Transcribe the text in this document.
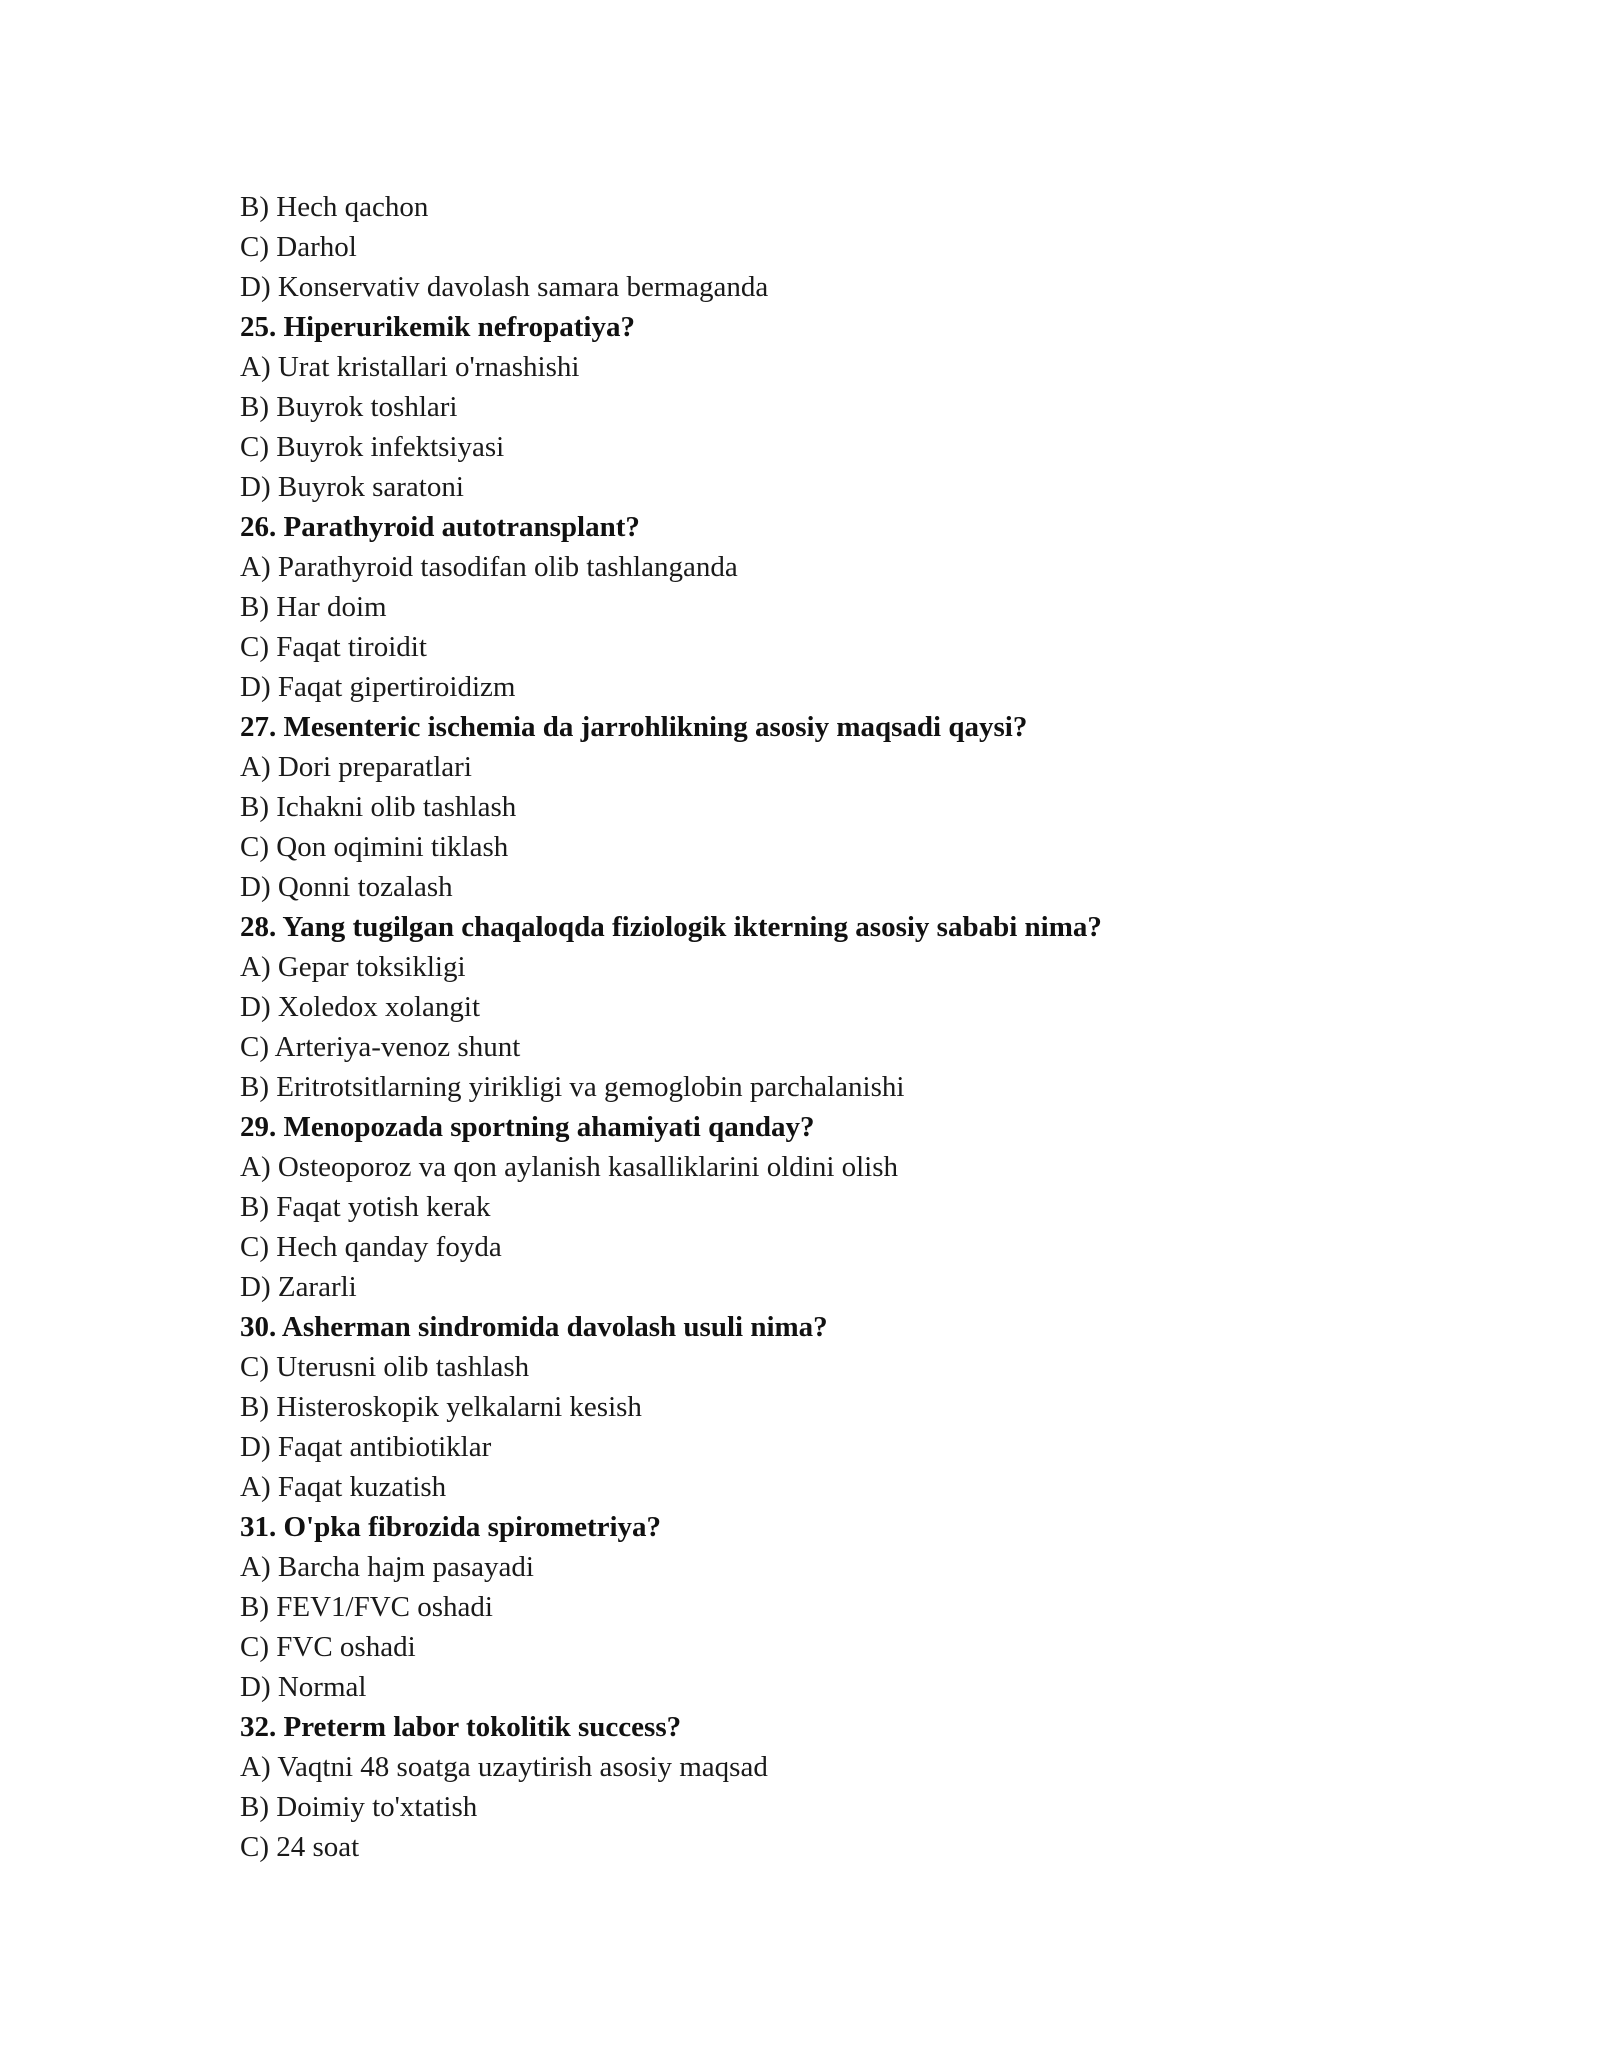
B) Hech qachon
C) Darhol
D) Konservativ davolash samara bermaganda
25. Hiperurikemik nefropatiya?
A) Urat kristallari o'rnashishi
B) Buyrok toshlari
C) Buyrok infektsiyasi
D) Buyrok saratoni
26. Parathyroid autotransplant?
A) Parathyroid tasodifan olib tashlanganda
B) Har doim
C) Faqat tiroidit
D) Faqat gipertiroidizm
27. Mesenteric ischemia da jarrohlikning asosiy maqsadi qaysi?
A) Dori preparatlari
B) Ichakni olib tashlash
C) Qon oqimini tiklash
D) Qonni tozalash
28. Yang tugilgan chaqaloqda fiziologik ikterning asosiy sababi nima?
A) Gepar toksikligi
D) Xoledox xolangit
C) Arteriya-venoz shunt
B) Eritrotsitlarning yirikligi va gemoglobin parchalanishi
29. Menopozada sportning ahamiyati qanday?
A) Osteoporoz va qon aylanish kasalliklarini oldini olish
B) Faqat yotish kerak
C) Hech qanday foyda
D) Zararli
30. Asherman sindromida davolash usuli nima?
C) Uterusni olib tashlash
B) Histeroskopik yelkalarni kesish
D) Faqat antibiotiklar
A) Faqat kuzatish
31. O'pka fibrozida spirometriya?
A) Barcha hajm pasayadi
B) FEV1/FVC oshadi
C) FVC oshadi
D) Normal
32. Preterm labor tokolitik success?
A) Vaqtni 48 soatga uzaytirish asosiy maqsad
B) Doimiy to'xtatish
C) 24 soat
